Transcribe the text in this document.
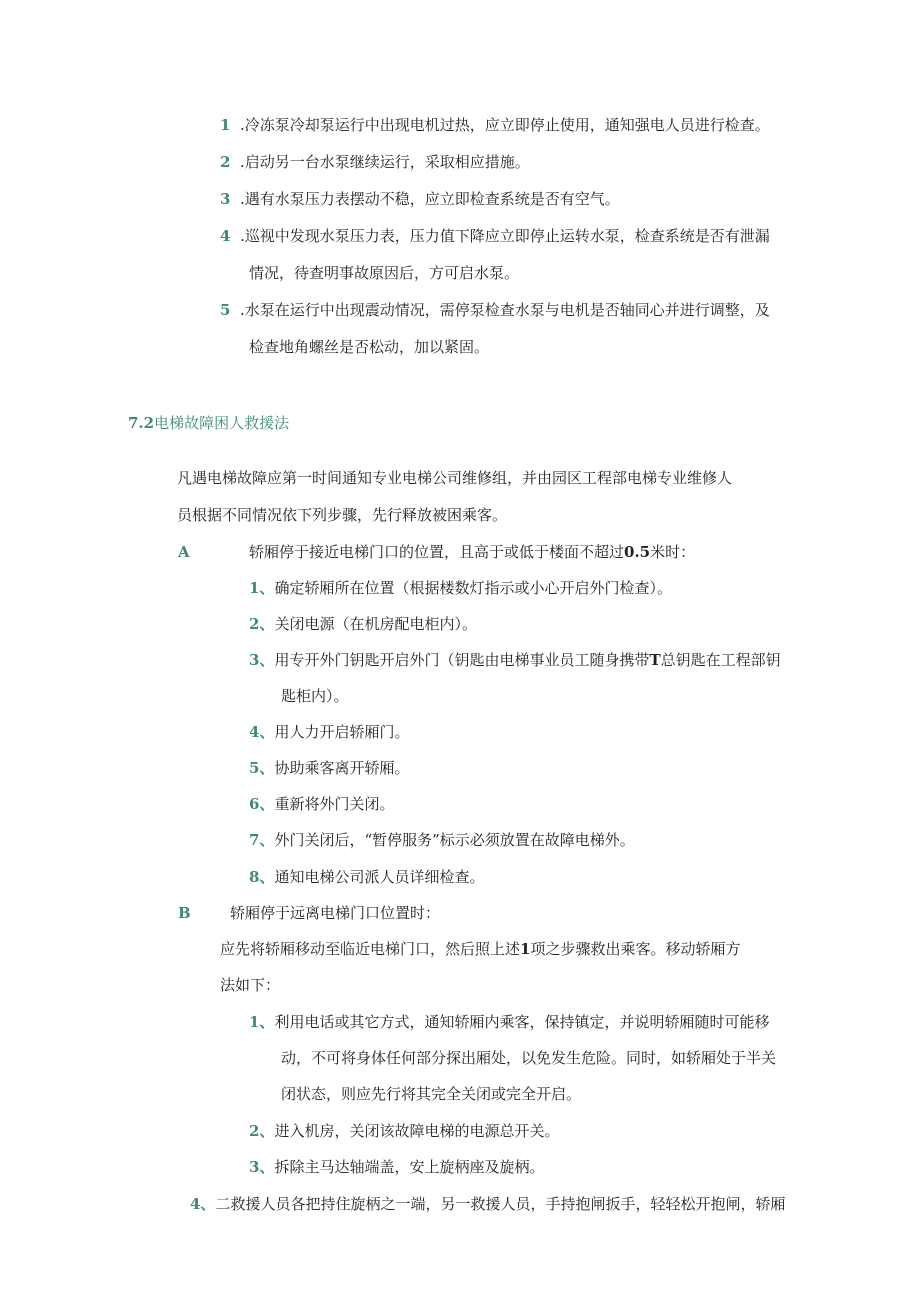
1 .冷冻泵冷却泵运行中出现电机过热，应立即停止使用，通知强电人员进行检查。
2 .启动另一台水泵继续运行，采取相应措施。
3 .遇有水泵压力表摆动不稳，应立即检查系统是否有空气。
4 .巡视中发现水泵压力表，压力值下降应立即停止运转水泵，检查系统是否有泄漏
情况，待查明事故原因后，方可启水泵。
5 .水泵在运行中出现震动情况，需停泵检查水泵与电机是否轴同心并进行调整，及
检查地角螺丝是否松动，加以紧固。
7.2电梯故障困人救援法
凡遇电梯故障应第一时间通知专业电梯公司维修组，并由园区工程部电梯专业维修人
员根据不同情况依下列步骤，先行释放被困乘客。
A	轿厢停于接近电梯门口的位置，且高于或低于楼面不超过0.5米时：
1、确定轿厢所在位置（根据楼数灯指示或小心开启外门检查）。
2、关闭电源（在机房配电柜内）。
3、用专开外门钥匙开启外门（钥匙由电梯事业员工随身携带T总钥匙在工程部钥
匙柜内）。
4、用人力开启轿厢门。
5、协助乘客离开轿厢。
6、重新将外门关闭。
7、外门关闭后，“暂停服务”标示必须放置在故障电梯外。
8、通知电梯公司派人员详细检查。
B	轿厢停于远离电梯门口位置时：
应先将轿厢移动至临近电梯门口，然后照上述1项之步骤救出乘客。移动轿厢方
法如下：
1、利用电话或其它方式，通知轿厢内乘客，保持镇定，并说明轿厢随时可能移
动，不可将身体任何部分探出厢处，以免发生危险。同时，如轿厢处于半关
闭状态，则应先行将其完全关闭或完全开启。
2、进入机房，关闭该故障电梯的电源总开关。
3、拆除主马达轴端盖，安上旋柄座及旋柄。
4、二救援人员各把持住旋柄之一端，另一救援人员，手持抱闸扳手，轻轻松开抱闸，轿厢
